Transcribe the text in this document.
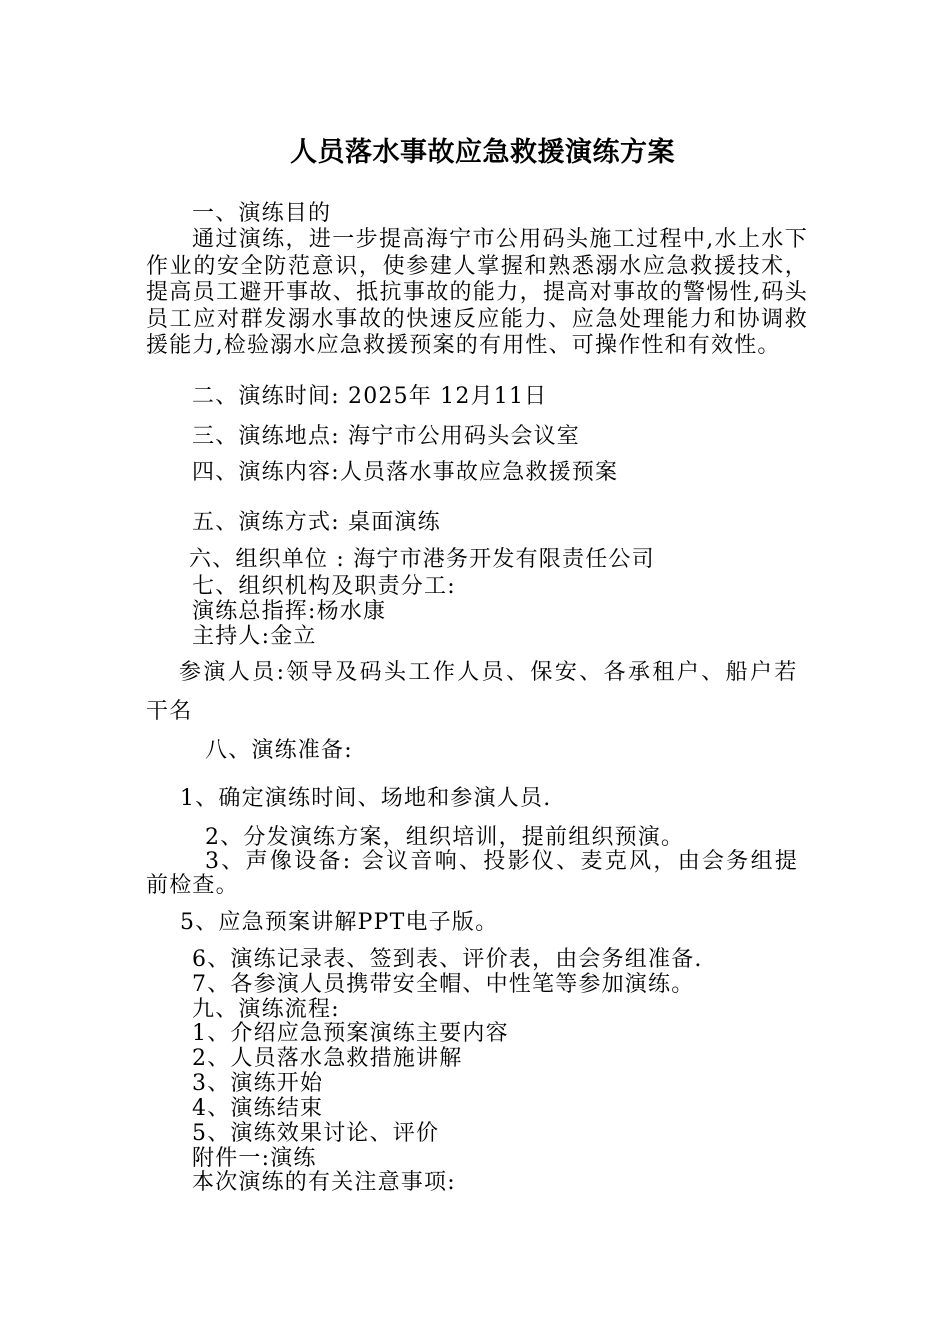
人员落水事故应急救援演练方案
一、演练目的
通过演练，进一步提高海宁市公用码头施工过程中,水上水下作业的安全防范意识，使参建人掌握和熟悉溺水应急救援技术，提高员工避开事故、抵抗事故的能力，提高对事故的警惕性,码头员工应对群发溺水事故的快速反应能力、应急处理能力和协调救援能力,检验溺水应急救援预案的有用性、可操作性和有效性。
二、演练时间: 2025年 12月11日
三、演练地点: 海宁市公用码头会议室
四、演练内容:人员落水事故应急救援预案
五、演练方式: 桌面演练
六、组织单位 : 海宁市港务开发有限责任公司
七、组织机构及职责分工:
演练总指挥:杨水康
主持人:金立
参演人员:领导及码头工作人员、保安、各承租户、船户若
干名
八、演练准备:
1、确定演练时间、场地和参演人员.
2、分发演练方案，组织培训，提前组织预演。
3、声像设备: 会议音响、投影仪、麦克风，由会务组提
前检查。
5、应急预案讲解PPT电子版。
6、演练记录表、签到表、评价表，由会务组准备.
7、各参演人员携带安全帽、中性笔等参加演练。
九、演练流程:
1、介绍应急预案演练主要内容
2、人员落水急救措施讲解
3、演练开始
4、演练结束
5、演练效果讨论、评价
附件一:演练
本次演练的有关注意事项:
